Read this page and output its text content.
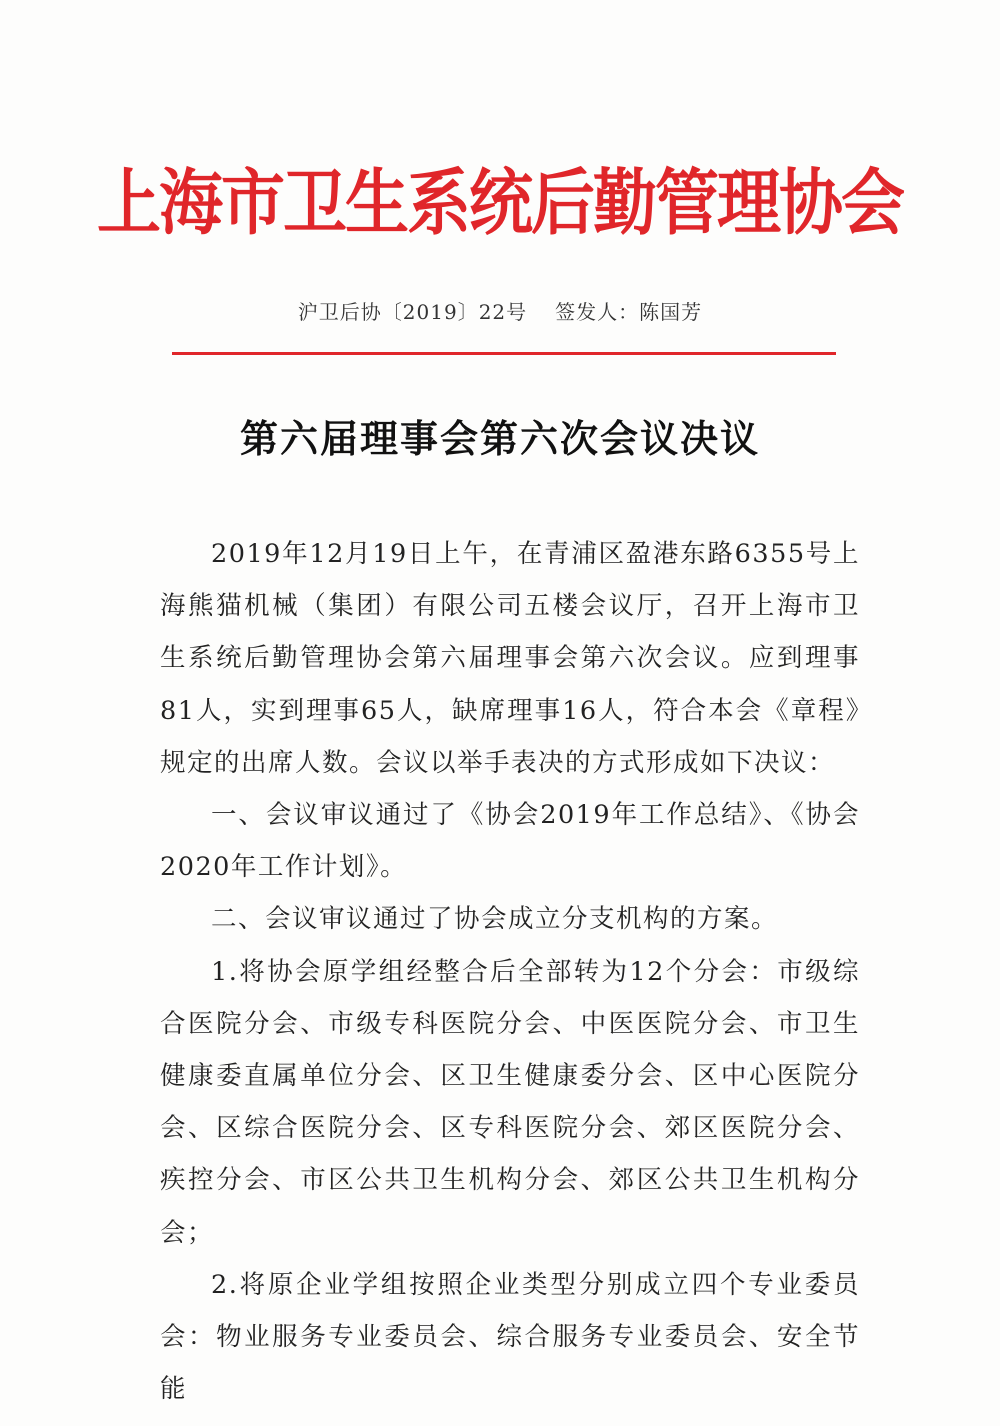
上海市卫生系统后勤管理协会
沪卫后协〔2019〕22号 签发人：陈国芳
第六届理事会第六次会议决议

2019年12月19日上午，在青浦区盈港东路6355号上海熊猫机械（集团）有限公司五楼会议厅，召开上海市卫生系统后勤管理协会第六届理事会第六次会议。应到理事81人，实到理事65人，缺席理事16人，符合本会《章程》规定的出席人数。会议以举手表决的方式形成如下决议：

一、会议审议通过了《协会2019年工作总结》、《协会2020年工作计划》。

二、会议审议通过了协会成立分支机构的方案。

1.将协会原学组经整合后全部转为12个分会：市级综合医院分会、市级专科医院分会、中医医院分会、市卫生健康委直属单位分会、区卫生健康委分会、区中心医院分会、区综合医院分会、区专科医院分会、郊区医院分会、疾控分会、市区公共卫生机构分会、郊区公共卫生机构分会；

2.将原企业学组按照企业类型分别成立四个专业委员会：物业服务专业委员会、综合服务专业委员会、安全节能
